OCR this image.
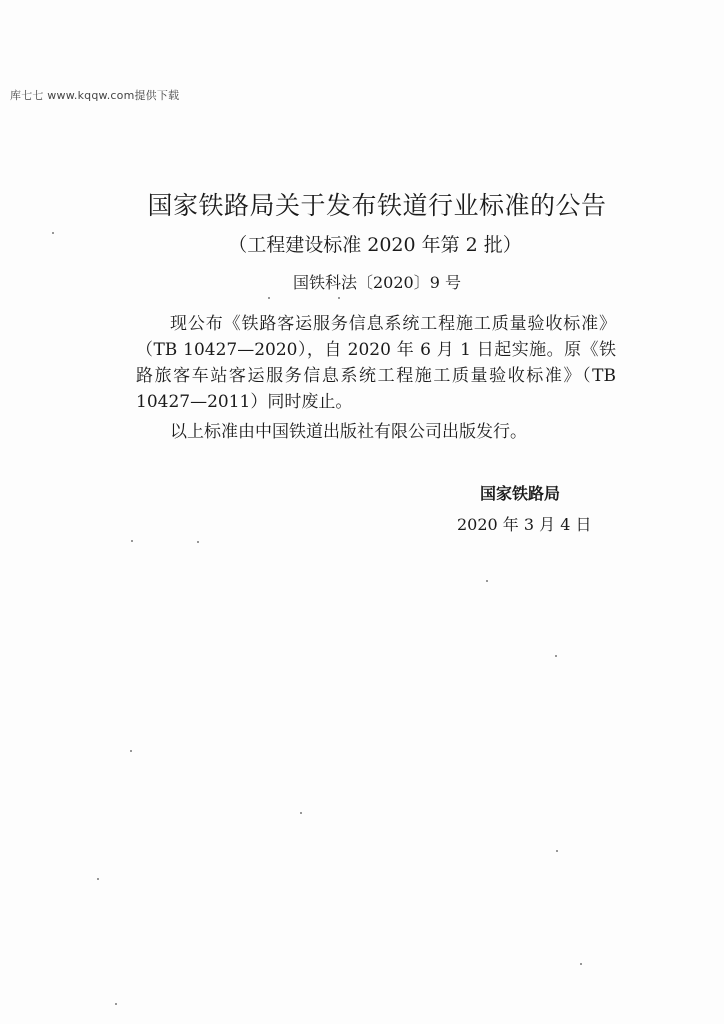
库七七 www.kqqw.com提供下载
国家铁路局关于发布铁道行业标准的公告
（工程建设标准 2020 年第 2 批）
国铁科法〔2020〕9 号

现公布《铁路客运服务信息系统工程施工质量验收标准》（TB 10427—2020），自 2020 年 6 月 1 日起实施。原《铁路旅客车站客运服务信息系统工程施工质量验收标准》（TB 10427—2011）同时废止。

以上标准由中国铁道出版社有限公司出版发行。

国家铁路局
2020 年 3 月 4 日
